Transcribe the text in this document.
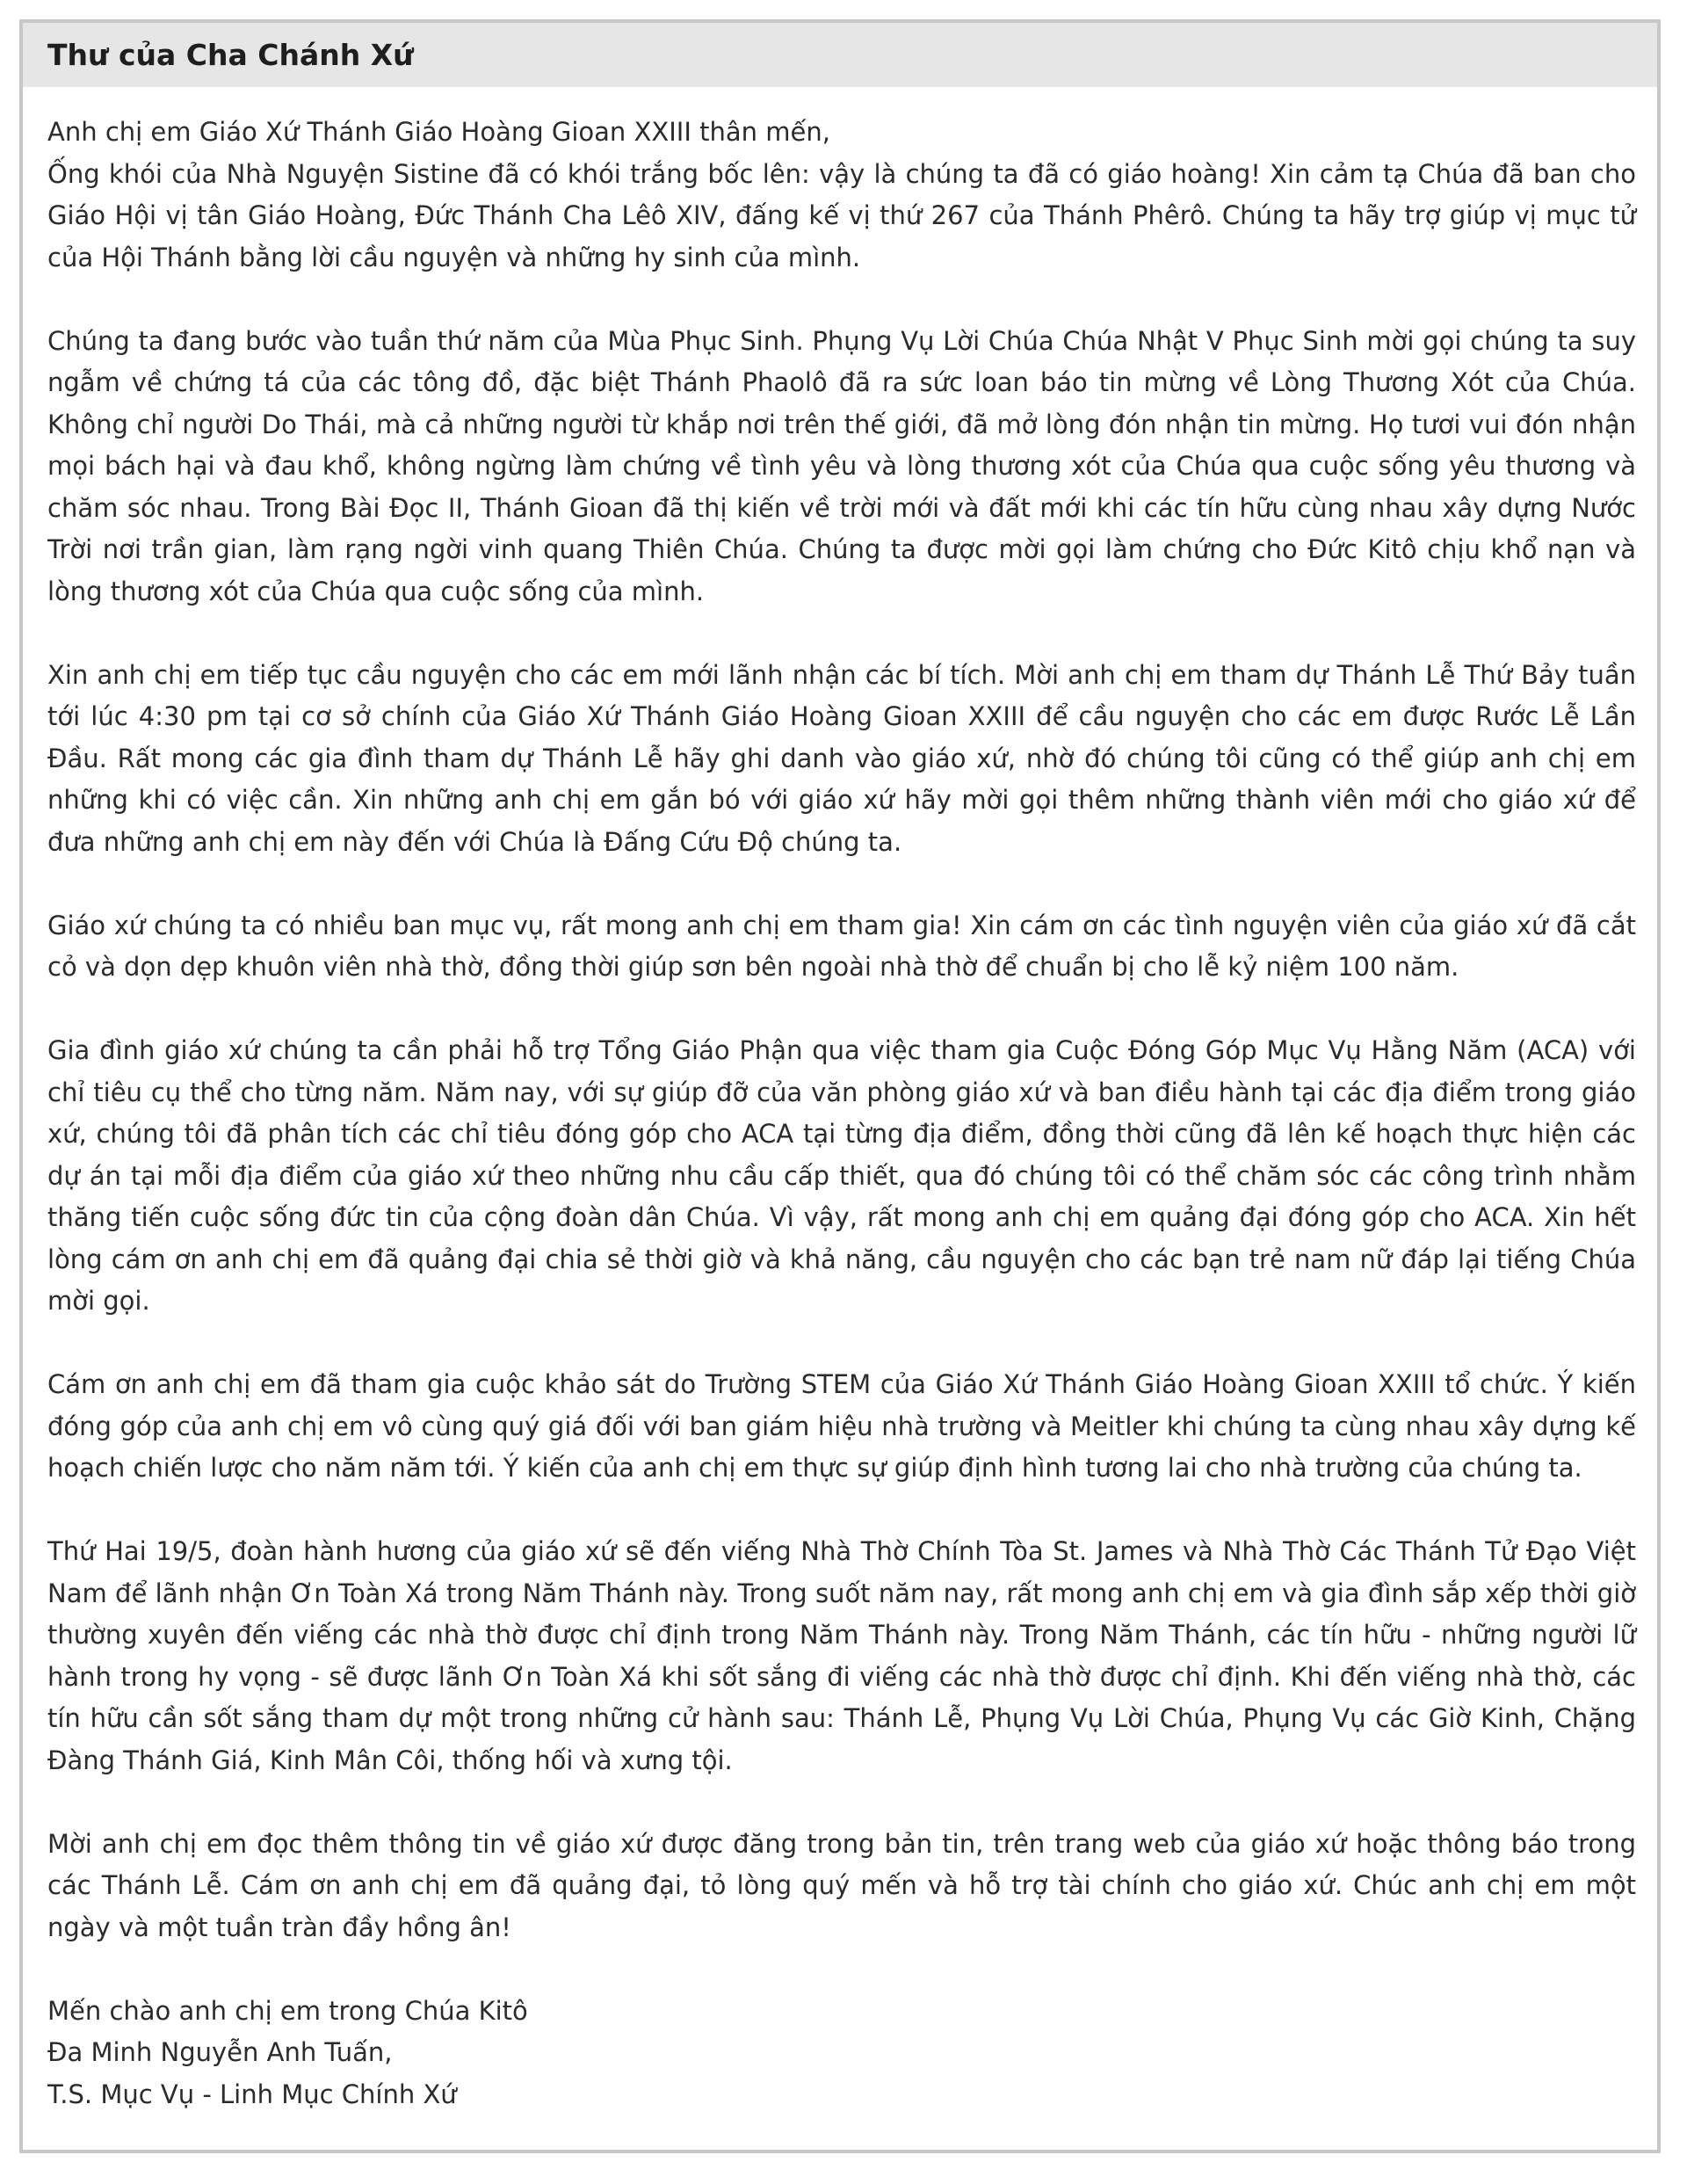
Thư của Cha Chánh Xứ

Anh chị em Giáo Xứ Thánh Giáo Hoàng Gioan XXIII thân mến,

Ống khói của Nhà Nguyện Sistine đã có khói trắng bốc lên: vậy là chúng ta đã có giáo hoàng! Xin cảm tạ Chúa đã ban cho Giáo Hội vị tân Giáo Hoàng, Đức Thánh Cha Lêô XIV, đấng kế vị thứ 267 của Thánh Phêrô. Chúng ta hãy trợ giúp vị mục tử của Hội Thánh bằng lời cầu nguyện và những hy sinh của mình.

Chúng ta đang bước vào tuần thứ năm của Mùa Phục Sinh. Phụng Vụ Lời Chúa Chúa Nhật V Phục Sinh mời gọi chúng ta suy ngẫm về chứng tá của các tông đồ, đặc biệt Thánh Phaolô đã ra sức loan báo tin mừng về Lòng Thương Xót của Chúa. Không chỉ người Do Thái, mà cả những người từ khắp nơi trên thế giới, đã mở lòng đón nhận tin mừng. Họ tươi vui đón nhận mọi bách hại và đau khổ, không ngừng làm chứng về tình yêu và lòng thương xót của Chúa qua cuộc sống yêu thương và chăm sóc nhau. Trong Bài Đọc II, Thánh Gioan đã thị kiến về trời mới và đất mới khi các tín hữu cùng nhau xây dựng Nước Trời nơi trần gian, làm rạng ngời vinh quang Thiên Chúa. Chúng ta được mời gọi làm chứng cho Đức Kitô chịu khổ nạn và lòng thương xót của Chúa qua cuộc sống của mình.

Xin anh chị em tiếp tục cầu nguyện cho các em mới lãnh nhận các bí tích. Mời anh chị em tham dự Thánh Lễ Thứ Bảy tuần tới lúc 4:30 pm tại cơ sở chính của Giáo Xứ Thánh Giáo Hoàng Gioan XXIII để cầu nguyện cho các em được Rước Lễ Lần Đầu. Rất mong các gia đình tham dự Thánh Lễ hãy ghi danh vào giáo xứ, nhờ đó chúng tôi cũng có thể giúp anh chị em những khi có việc cần. Xin những anh chị em gắn bó với giáo xứ hãy mời gọi thêm những thành viên mới cho giáo xứ để đưa những anh chị em này đến với Chúa là Đấng Cứu Độ chúng ta.

Giáo xứ chúng ta có nhiều ban mục vụ, rất mong anh chị em tham gia! Xin cám ơn các tình nguyện viên của giáo xứ đã cắt cỏ và dọn dẹp khuôn viên nhà thờ, đồng thời giúp sơn bên ngoài nhà thờ để chuẩn bị cho lễ kỷ niệm 100 năm.

Gia đình giáo xứ chúng ta cần phải hỗ trợ Tổng Giáo Phận qua việc tham gia Cuộc Đóng Góp Mục Vụ Hằng Năm (ACA) với chỉ tiêu cụ thể cho từng năm. Năm nay, với sự giúp đỡ của văn phòng giáo xứ và ban điều hành tại các địa điểm trong giáo xứ, chúng tôi đã phân tích các chỉ tiêu đóng góp cho ACA tại từng địa điểm, đồng thời cũng đã lên kế hoạch thực hiện các dự án tại mỗi địa điểm của giáo xứ theo những nhu cầu cấp thiết, qua đó chúng tôi có thể chăm sóc các công trình nhằm thăng tiến cuộc sống đức tin của cộng đoàn dân Chúa. Vì vậy, rất mong anh chị em quảng đại đóng góp cho ACA. Xin hết lòng cám ơn anh chị em đã quảng đại chia sẻ thời giờ và khả năng, cầu nguyện cho các bạn trẻ nam nữ đáp lại tiếng Chúa mời gọi.

Cám ơn anh chị em đã tham gia cuộc khảo sát do Trường STEM của Giáo Xứ Thánh Giáo Hoàng Gioan XXIII tổ chức. Ý kiến đóng góp của anh chị em vô cùng quý giá đối với ban giám hiệu nhà trường và Meitler khi chúng ta cùng nhau xây dựng kế hoạch chiến lược cho năm năm tới. Ý kiến của anh chị em thực sự giúp định hình tương lai cho nhà trường của chúng ta.

Thứ Hai 19/5, đoàn hành hương của giáo xứ sẽ đến viếng Nhà Thờ Chính Tòa St. James và Nhà Thờ Các Thánh Tử Đạo Việt Nam để lãnh nhận Ơn Toàn Xá trong Năm Thánh này. Trong suốt năm nay, rất mong anh chị em và gia đình sắp xếp thời giờ thường xuyên đến viếng các nhà thờ được chỉ định trong Năm Thánh này. Trong Năm Thánh, các tín hữu - những người lữ hành trong hy vọng - sẽ được lãnh Ơn Toàn Xá khi sốt sắng đi viếng các nhà thờ được chỉ định. Khi đến viếng nhà thờ, các tín hữu cần sốt sắng tham dự một trong những cử hành sau: Thánh Lễ, Phụng Vụ Lời Chúa, Phụng Vụ các Giờ Kinh, Chặng Đàng Thánh Giá, Kinh Mân Côi, thống hối và xưng tội.

Mời anh chị em đọc thêm thông tin về giáo xứ được đăng trong bản tin, trên trang web của giáo xứ hoặc thông báo trong các Thánh Lễ. Cám ơn anh chị em đã quảng đại, tỏ lòng quý mến và hỗ trợ tài chính cho giáo xứ. Chúc anh chị em một ngày và một tuần tràn đầy hồng ân!

Mến chào anh chị em trong Chúa Kitô
Đa Minh Nguyễn Anh Tuấn,
T.S. Mục Vụ - Linh Mục Chính Xứ
